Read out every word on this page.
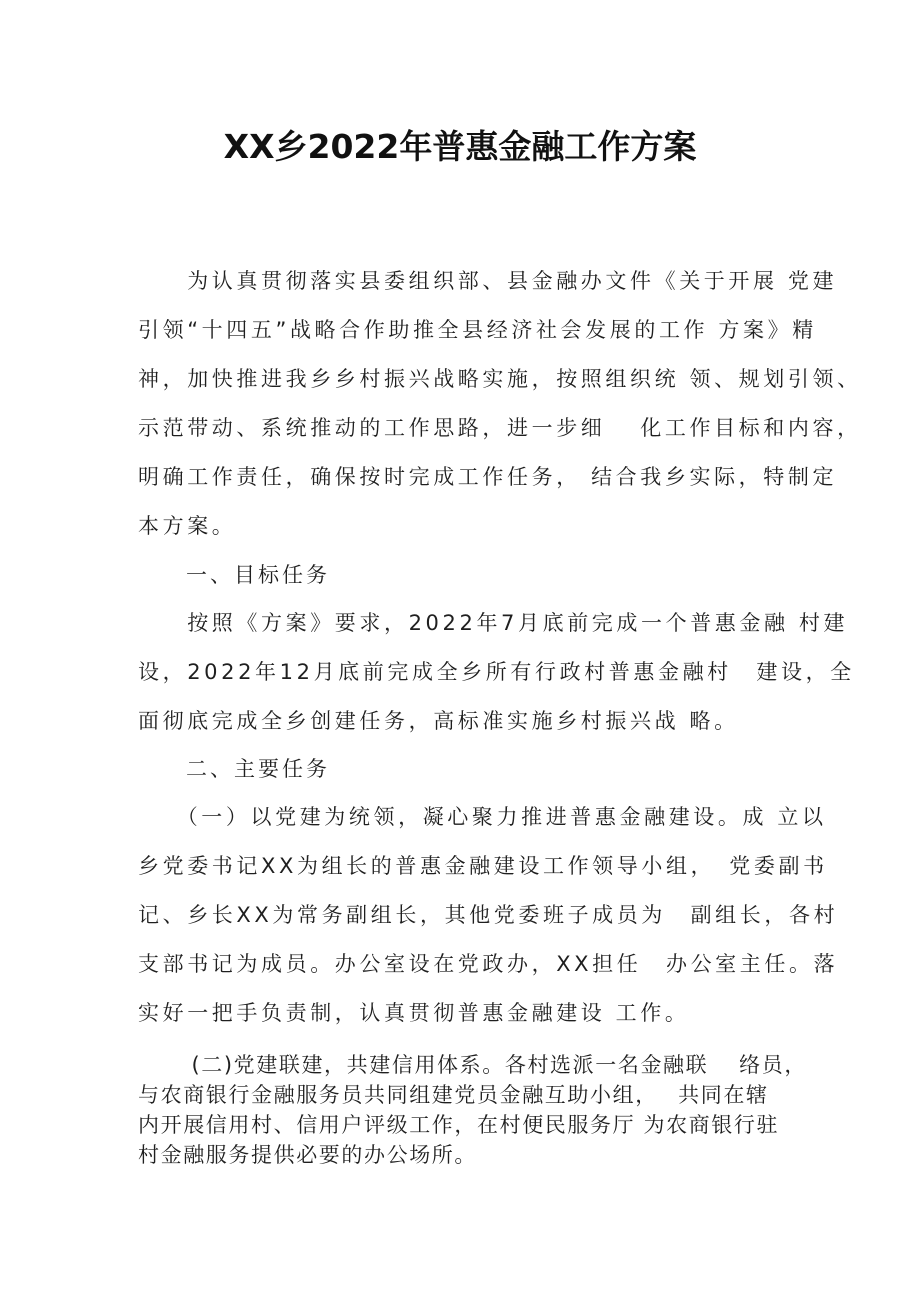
XX乡2022年普惠金融工作方案
　　为认真贯彻落实县委组织部、县金融办文件《关于开展 党建
引领“十四五”战略合作助推全县经济社会发展的工作 方案》精
神，加快推进我乡乡村振兴战略实施，按照组织统 领、规划引领、
示范带动、系统推动的工作思路，进一步细　 化工作目标和内容，
明确工作责任，确保按时完成工作任务， 结合我乡实际，特制定
本方案。
　　一、目标任务
　　按照《方案》要求，2022年7月底前完成一个普惠金融 村建
设，2022年12月底前完成全乡所有行政村普惠金融村　建设，全
面彻底完成全乡创建任务，高标准实施乡村振兴战 略。
　　二、主要任务
　　（一）以党建为统领，凝心聚力推进普惠金融建设。成 立以
乡党委书记XX为组长的普惠金融建设工作领导小组，　党委副书
记、乡长XX为常务副组长，其他党委班子成员为　副组长，各村
支部书记为成员。办公室设在党政办，XX担任　办公室主任。落
实好一把手负责制，认真贯彻普惠金融建设 工作。
　　 (二)党建联建，共建信用体系。各村选派一名金融联　 络员，
与农商银行金融服务员共同组建党员金融互助小组，　 共同在辖
内开展信用村、信用户评级工作，在村便民服务厅 为农商银行驻
村金融服务提供必要的办公场所。
